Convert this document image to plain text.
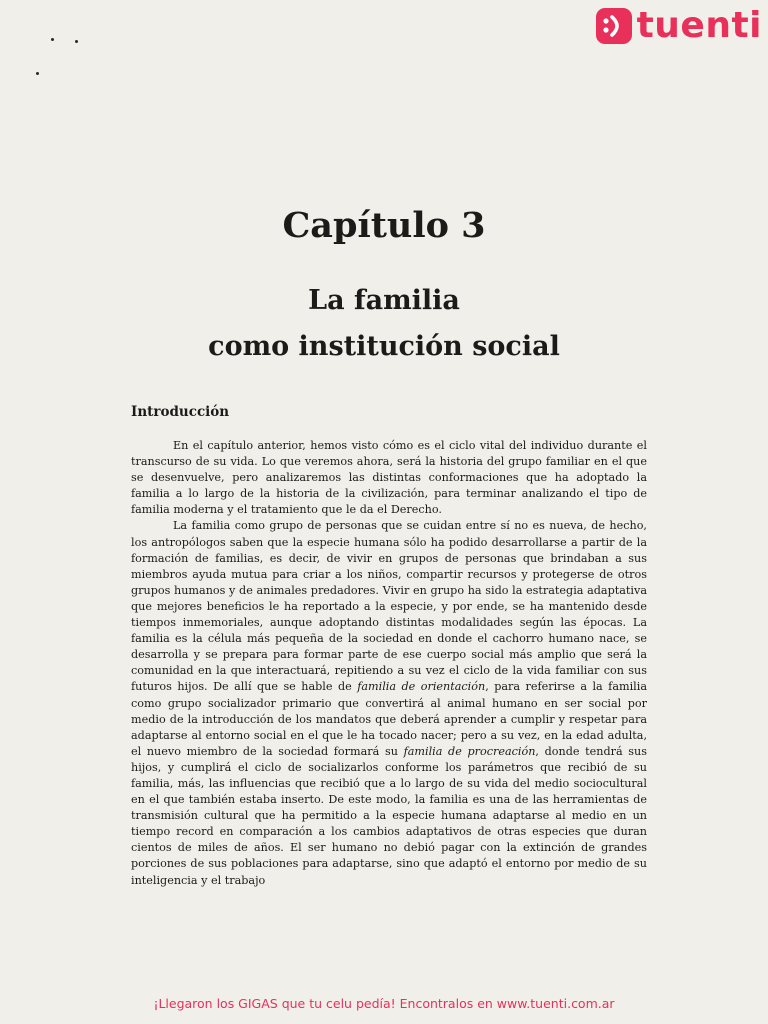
tuenti
Capítulo 3
La familia
como institución social
Introducción

En el capítulo anterior, hemos visto cómo es el ciclo vital del individuo durante el transcurso de su vida. Lo que veremos ahora, será la historia del grupo familiar en el que se desenvuelve, pero analizaremos las distintas conformaciones que ha adoptado la familia a lo largo de la historia de la civilización, para terminar analizando el tipo de familia moderna y el tratamiento que le da el Derecho.

La familia como grupo de personas que se cuidan entre sí no es nueva, de hecho, los antropólogos saben que la especie humana sólo ha podido desarrollarse a partir de la formación de familias, es decir, de vivir en grupos de personas que brindaban a sus miembros ayuda mutua para criar a los niños, compartir recursos y protegerse de otros grupos humanos y de animales predadores. Vivir en grupo ha sido la estrategia adaptativa que mejores beneficios le ha reportado a la especie, y por ende, se ha mantenido desde tiempos inmemoriales, aunque adoptando distintas modalidades según las épocas. La familia es la célula más pequeña de la sociedad en donde el cachorro humano nace, se desarrolla y se prepara para formar parte de ese cuerpo social más amplio que será la comunidad en la que interactuará, repitiendo a su vez el ciclo de la vida familiar con sus futuros hijos. De allí que se hable de familia de orientación, para referirse a la familia como grupo socializador primario que convertirá al animal humano en ser social por medio de la introducción de los mandatos que deberá aprender a cumplir y respetar para adaptarse al entorno social en el que le ha tocado nacer; pero a su vez, en la edad adulta, el nuevo miembro de la sociedad formará su familia de procreación, donde tendrá sus hijos, y cumplirá el ciclo de socializarlos conforme los parámetros que recibió de su familia, más, las influencias que recibió que a lo largo de su vida del medio sociocultural en el que también estaba inserto. De este modo, la familia es una de las herramientas de transmisión cultural que ha permitido a la especie humana adaptarse al medio en un tiempo record en comparación a los cambios adaptativos de otras especies que duran cientos de miles de años. El ser humano no debió pagar con la extinción de grandes porciones de sus poblaciones para adaptarse, sino que adaptó el entorno por medio de su inteligencia y el trabajo

¡Llegaron los GIGAS que tu celu pedía! Encontralos en www.tuenti.com.ar
